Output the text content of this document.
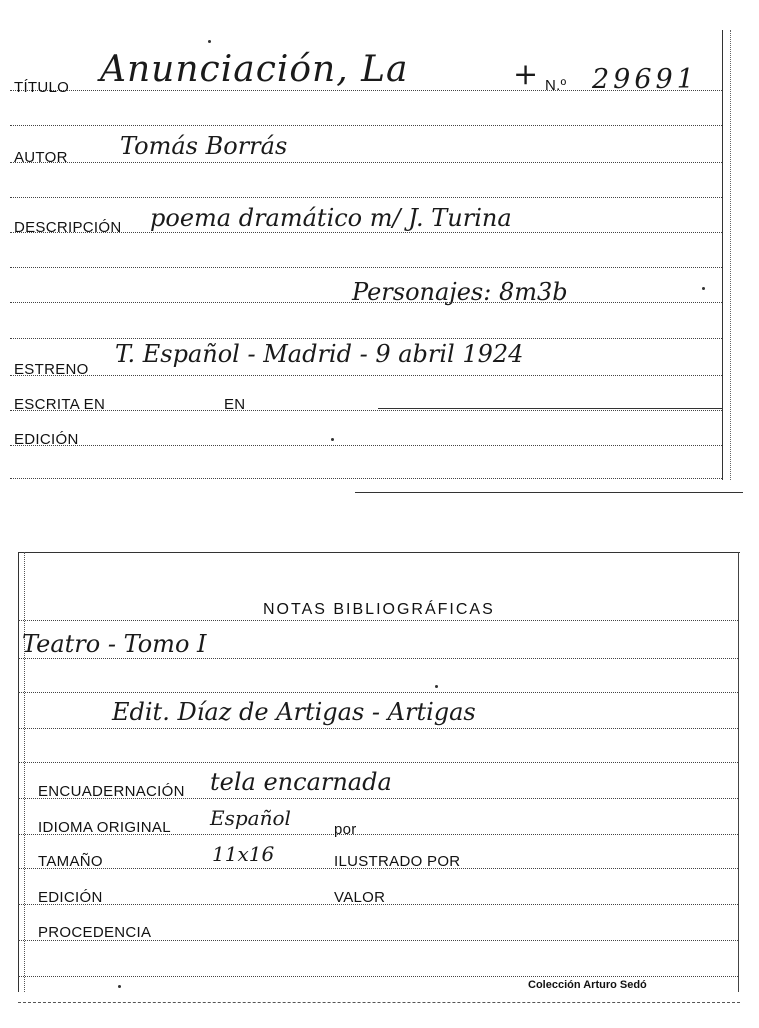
TÍTULO Anunciación, La	+ N.º 29691
AUTOR Tomás Borrás
DESCRIPCIÓN poema dramático m/ J. Turina
Personajes: 8m3b
ESTRENO
T. Español - Madrid - 9 abril 1924
ESCRITA EN	EN
EDICIÓN
NOTAS BIBLIOGRÁFICAS
Teatro - Tomo I
Edit. Díaz de Artigas - Artigas
ENCUADERNACIÓN tela encarnada
IDIOMA ORIGINAL Español	por
TAMAÑO	11x16	ILUSTRADO POR
EDICIÓN	VALOR
PROCEDENCIA
Colección Arturo Sedó
